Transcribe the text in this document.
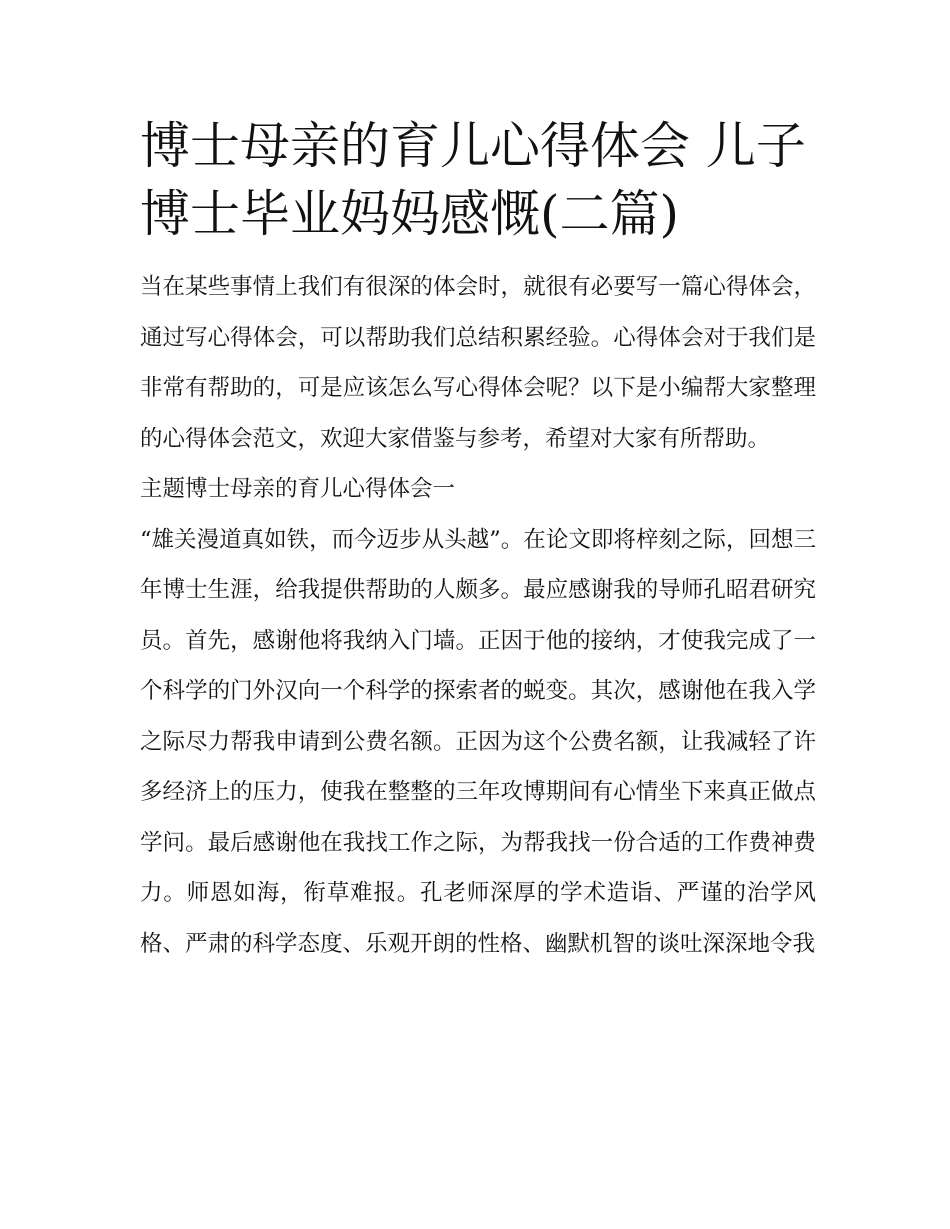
博士母亲的育儿心得体会 儿子博士毕业妈妈感慨(二篇)

当在某些事情上我们有很深的体会时，就很有必要写一篇心得体会，通过写心得体会，可以帮助我们总结积累经验。心得体会对于我们是非常有帮助的，可是应该怎么写心得体会呢？以下是小编帮大家整理的心得体会范文，欢迎大家借鉴与参考，希望对大家有所帮助。

主题博士母亲的育儿心得体会一

“雄关漫道真如铁，而今迈步从头越”。在论文即将梓刻之际，回想三年博士生涯，给我提供帮助的人颇多。最应感谢我的导师孔昭君研究员。首先，感谢他将我纳入门墙。正因于他的接纳，才使我完成了一个科学的门外汉向一个科学的探索者的蜕变。其次，感谢他在我入学之际尽力帮我申请到公费名额。正因为这个公费名额，让我减轻了许多经济上的压力，使我在整整的三年攻博期间有心情坐下来真正做点学问。最后感谢他在我找工作之际，为帮我找一份合适的工作费神费力。师恩如海，衔草难报。孔老师深厚的学术造诣、严谨的治学风格、严肃的科学态度、乐观开朗的性格、幽默机智的谈吐深深地令我
